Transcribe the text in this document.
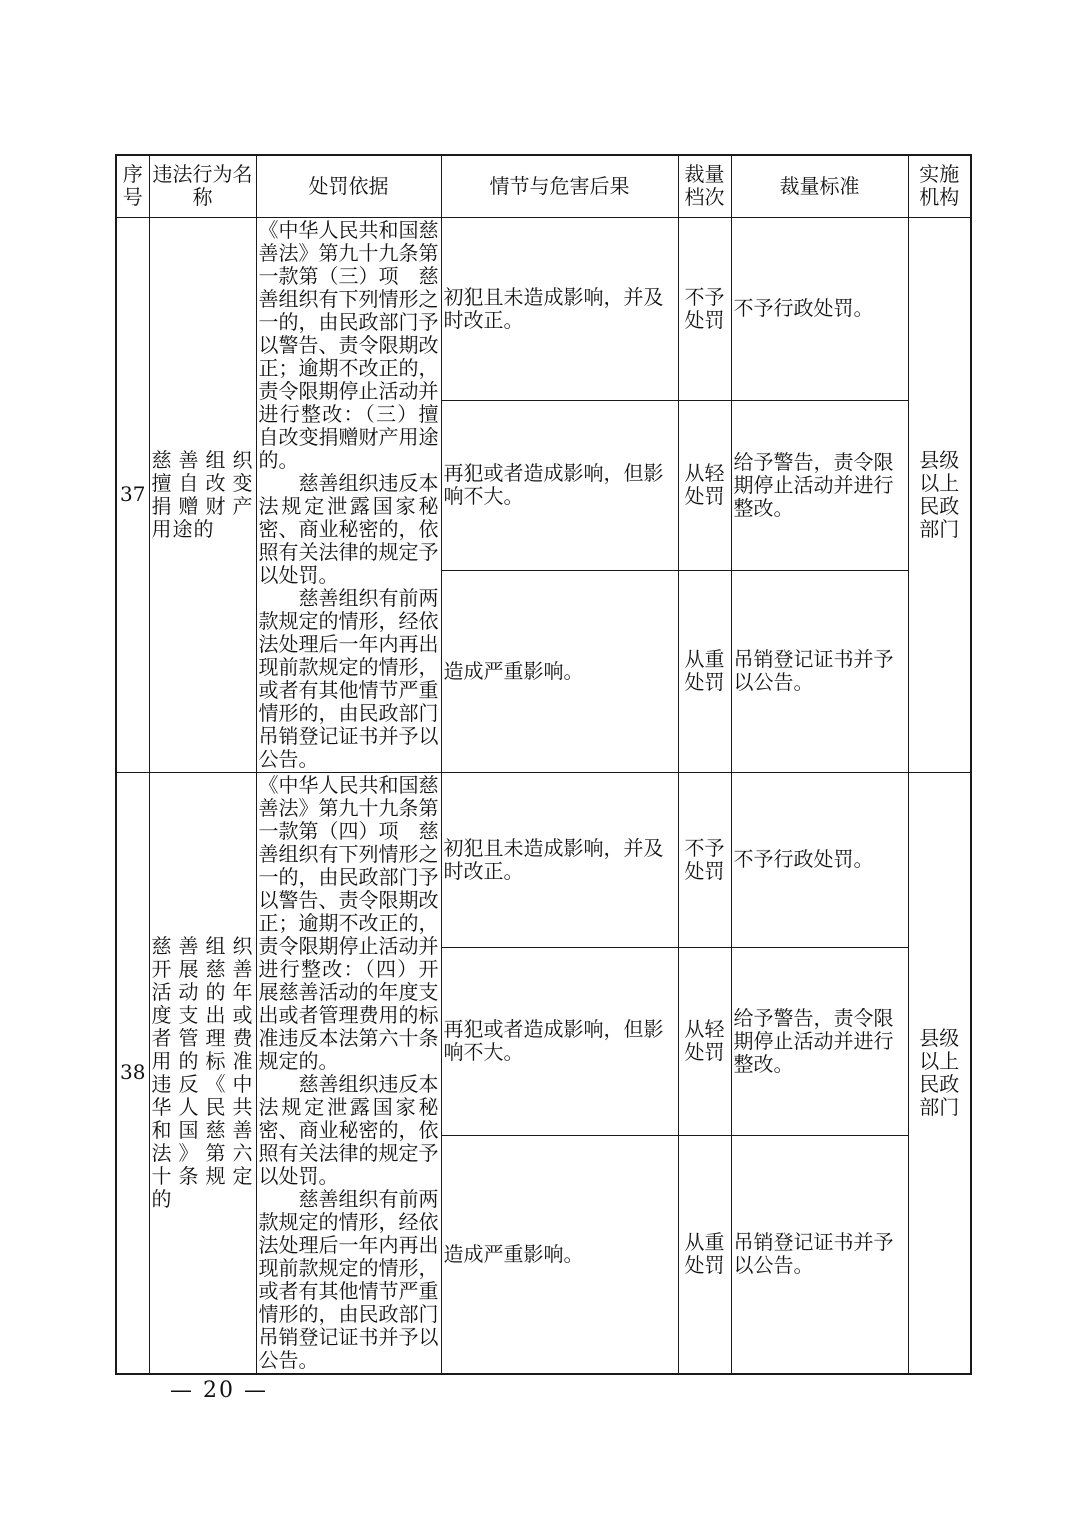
序号	违法行为名称	处罚依据	情节与危害后果	裁量档次	裁量标准	实施机构
37	慈善组织擅自改变捐赠财产用途的	《中华人民共和国慈善法》第九十九条第一款第（三）项　慈善组织有下列情形之一的，由民政部门予以警告、责令限期改正；逾期不改正的，责令限期停止活动并进行整改：（三）擅自改变捐赠财产用途的。

慈善组织违反本法规定泄露国家秘密、商业秘密的，依照有关法律的规定予以处罚。

慈善组织有前两款规定的情形，经依法处理后一年内再出现前款规定的情形，或者有其他情节严重情形的，由民政部门吊销登记证书并予以公告。	初犯且未造成影响，并及时改正。	不予处罚	不予行政处罚。	县级以上民政部门
			再犯或者造成影响，但影响不大。	从轻处罚	给予警告，责令限期停止活动并进行整改。	
			造成严重影响。	从重处罚	吊销登记证书并予以公告。	
38	慈善组织开展慈善活动的年度支出或者管理费用的标准违反《中华人民共和国慈善法》第六十条规定的	《中华人民共和国慈善法》第九十九条第一款第（四）项　慈善组织有下列情形之一的，由民政部门予以警告、责令限期改正；逾期不改正的，责令限期停止活动并进行整改：（四）开展慈善活动的年度支出或者管理费用的标准违反本法第六十条规定的。

慈善组织违反本法规定泄露国家秘密、商业秘密的，依照有关法律的规定予以处罚。

慈善组织有前两款规定的情形，经依法处理后一年内再出现前款规定的情形，或者有其他情节严重情形的，由民政部门吊销登记证书并予以公告。	初犯且未造成影响，并及时改正。	不予处罚	不予行政处罚。	县级以上民政部门
			再犯或者造成影响，但影响不大。	从轻处罚	给予警告，责令限期停止活动并进行整改。	
			造成严重影响。	从重处罚	吊销登记证书并予以公告。	
— 20 —
